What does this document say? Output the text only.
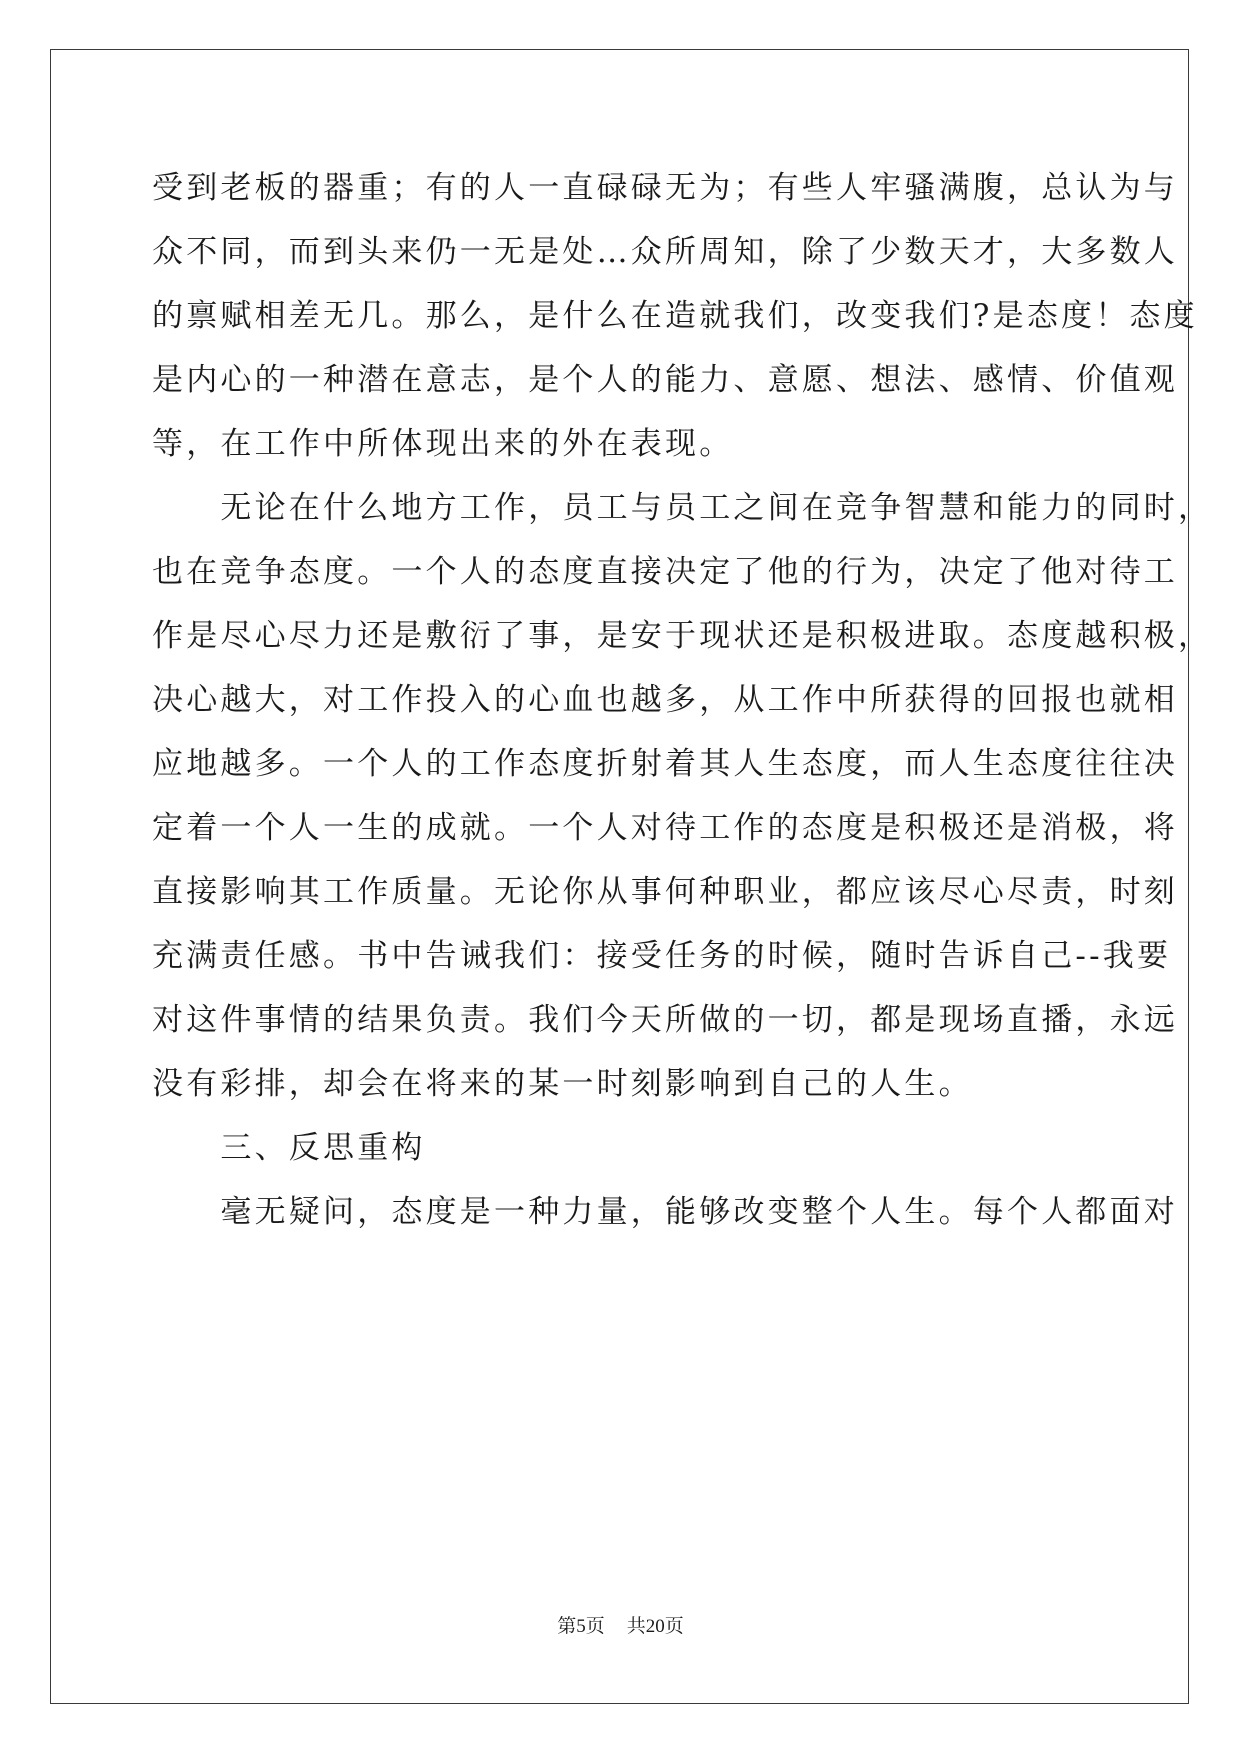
受到老板的器重；有的人一直碌碌无为；有些人牢骚满腹，总认为与
众不同，而到头来仍一无是处…众所周知，除了少数天才，大多数人
的禀赋相差无几。那么，是什么在造就我们，改变我们?是态度！态度
是内心的一种潜在意志，是个人的能力、意愿、想法、感情、价值观
等，在工作中所体现出来的外在表现。
　　无论在什么地方工作，员工与员工之间在竞争智慧和能力的同时，
也在竞争态度。一个人的态度直接决定了他的行为，决定了他对待工
作是尽心尽力还是敷衍了事，是安于现状还是积极进取。态度越积极，
决心越大，对工作投入的心血也越多，从工作中所获得的回报也就相
应地越多。一个人的工作态度折射着其人生态度，而人生态度往往决
定着一个人一生的成就。一个人对待工作的态度是积极还是消极，将
直接影响其工作质量。无论你从事何种职业，都应该尽心尽责，时刻
充满责任感。书中告诫我们：接受任务的时候，随时告诉自己--我要
对这件事情的结果负责。我们今天所做的一切，都是现场直播，永远
没有彩排，却会在将来的某一时刻影响到自己的人生。
　　三、反思重构
　　毫无疑问，态度是一种力量，能够改变整个人生。每个人都面对
第5页 共20页
